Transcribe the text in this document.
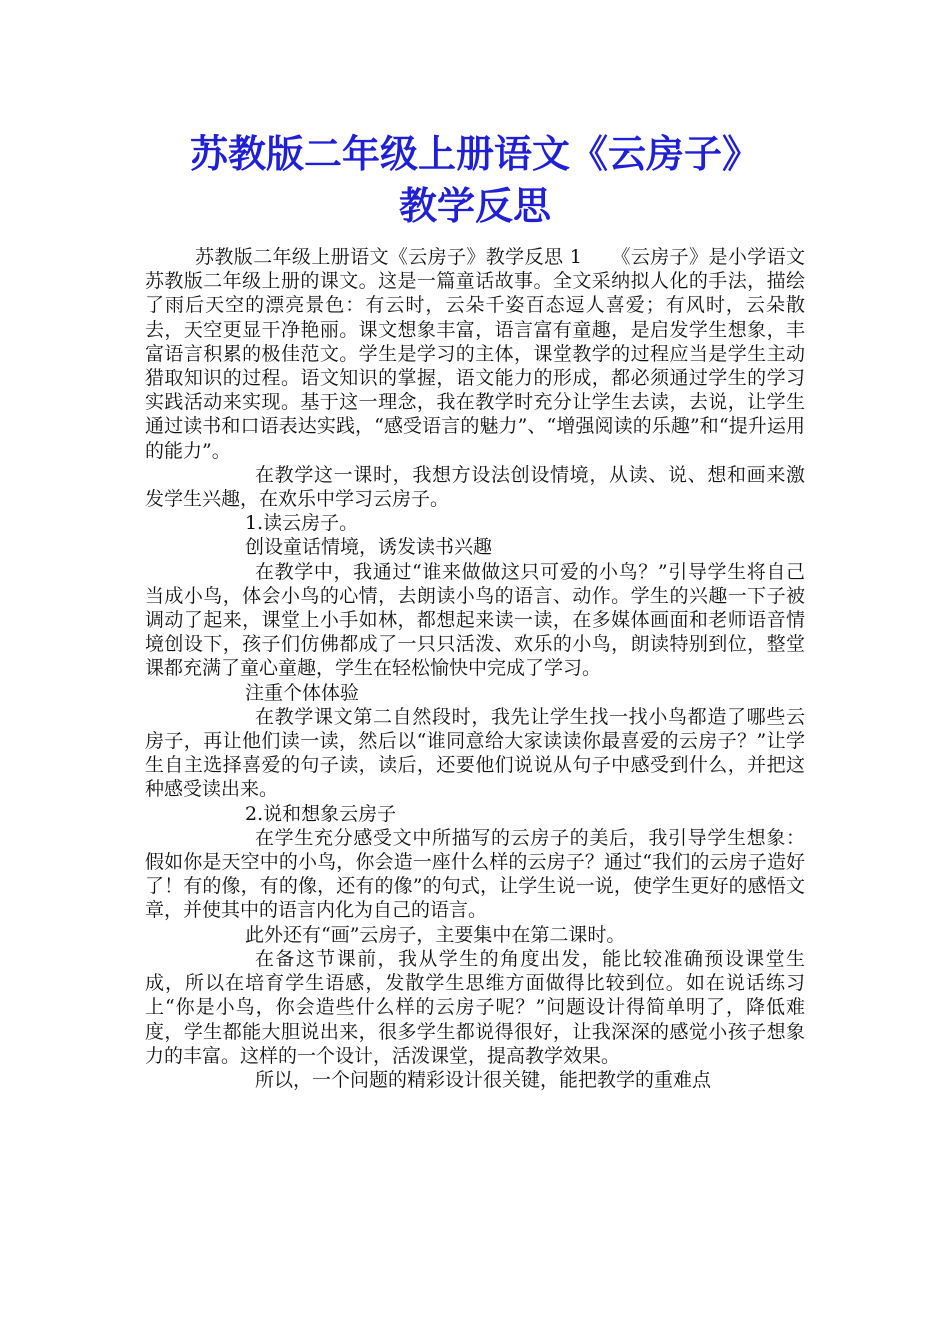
苏教版二年级上册语文《云房子》
教学反思

苏教版二年级上册语文《云房子》教学反思 1　　《云房子》是小学语文苏教版二年级上册的课文。这是一篇童话故事。全文采纳拟人化的手法，描绘了雨后天空的漂亮景色：有云时，云朵千姿百态逗人喜爱；有风时，云朵散去，天空更显干净艳丽。课文想象丰富，语言富有童趣，是启发学生想象，丰富语言积累的极佳范文。学生是学习的主体，课堂教学的过程应当是学生主动猎取知识的过程。语文知识的掌握，语文能力的形成，都必须通过学生的学习实践活动来实现。基于这一理念，我在教学时充分让学生去读，去说，让学生通过读书和口语表达实践，“感受语言的魅力”、“增强阅读的乐趣”和“提升运用的能力”。

在教学这一课时，我想方设法创设情境，从读、说、想和画来激发学生兴趣，在欢乐中学习云房子。

1.读云房子。

创设童话情境，诱发读书兴趣

在教学中，我通过“谁来做做这只可爱的小鸟？”引导学生将自己当成小鸟，体会小鸟的心情，去朗读小鸟的语言、动作。学生的兴趣一下子被调动了起来，课堂上小手如林，都想起来读一读，在多媒体画面和老师语音情境创设下，孩子们仿佛都成了一只只活泼、欢乐的小鸟，朗读特别到位，整堂课都充满了童心童趣，学生在轻松愉快中完成了学习。

注重个体体验

在教学课文第二自然段时，我先让学生找一找小鸟都造了哪些云房子，再让他们读一读，然后以“谁同意给大家读读你最喜爱的云房子？”让学生自主选择喜爱的句子读，读后，还要他们说说从句子中感受到什么，并把这种感受读出来。

2.说和想象云房子

在学生充分感受文中所描写的云房子的美后，我引导学生想象：假如你是天空中的小鸟，你会造一座什么样的云房子？通过“我们的云房子造好了！有的像，有的像，还有的像”的句式，让学生说一说，使学生更好的感悟文章，并使其中的语言内化为自己的语言。

此外还有“画”云房子，主要集中在第二课时。

在备这节课前，我从学生的角度出发，能比较准确预设课堂生成，所以在培育学生语感，发散学生思维方面做得比较到位。如在说话练习上“你是小鸟，你会造些什么样的云房子呢？”问题设计得简单明了，降低难度，学生都能大胆说出来，很多学生都说得很好，让我深深的感觉小孩子想象力的丰富。这样的一个设计，活泼课堂，提高教学效果。

所以，一个问题的精彩设计很关键，能把教学的重难点
